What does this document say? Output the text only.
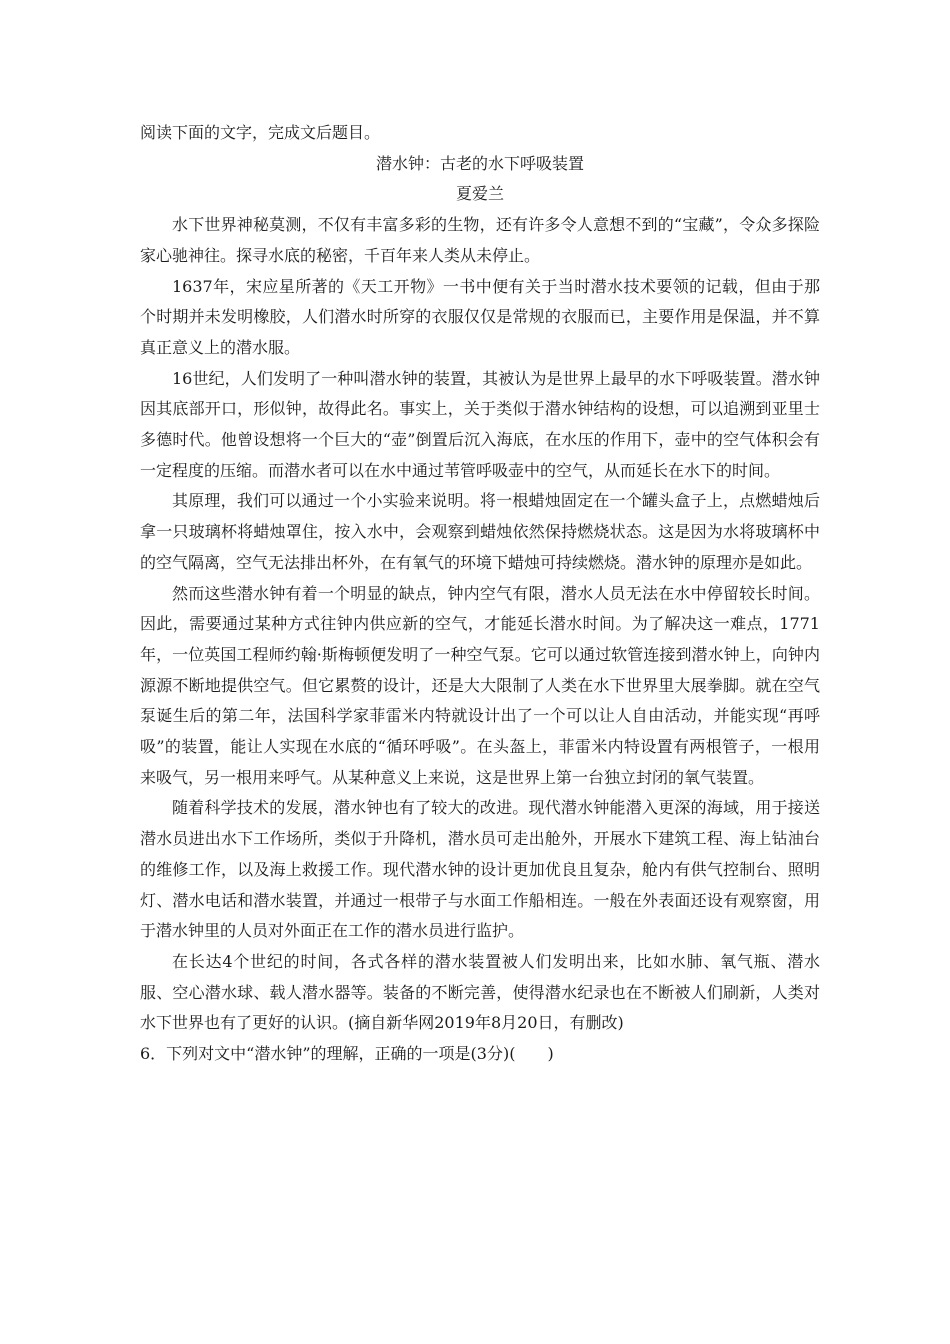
阅读下面的文字，完成文后题目。

潜水钟：古老的水下呼吸装置

夏爱兰

水下世界神秘莫测，不仅有丰富多彩的生物，还有许多令人意想不到的“宝藏”，令众多探险家心驰神往。探寻水底的秘密，千百年来人类从未停止。

1637年，宋应星所著的《天工开物》一书中便有关于当时潜水技术要领的记载，但由于那个时期并未发明橡胶，人们潜水时所穿的衣服仅仅是常规的衣服而已，主要作用是保温，并不算真正意义上的潜水服。

16世纪，人们发明了一种叫潜水钟的装置，其被认为是世界上最早的水下呼吸装置。潜水钟因其底部开口，形似钟，故得此名。事实上，关于类似于潜水钟结构的设想，可以追溯到亚里士多德时代。他曾设想将一个巨大的“壶”倒置后沉入海底，在水压的作用下，壶中的空气体积会有一定程度的压缩。而潜水者可以在水中通过苇管呼吸壶中的空气，从而延长在水下的时间。

其原理，我们可以通过一个小实验来说明。将一根蜡烛固定在一个罐头盒子上，点燃蜡烛后拿一只玻璃杯将蜡烛罩住，按入水中，会观察到蜡烛依然保持燃烧状态。这是因为水将玻璃杯中的空气隔离，空气无法排出杯外，在有氧气的环境下蜡烛可持续燃烧。潜水钟的原理亦是如此。

然而这些潜水钟有着一个明显的缺点，钟内空气有限，潜水人员无法在水中停留较长时间。因此，需要通过某种方式往钟内供应新的空气，才能延长潜水时间。为了解决这一难点，1771年，一位英国工程师约翰·斯梅顿便发明了一种空气泵。它可以通过软管连接到潜水钟上，向钟内源源不断地提供空气。但它累赘的设计，还是大大限制了人类在水下世界里大展拳脚。就在空气泵诞生后的第二年，法国科学家菲雷米内特就设计出了一个可以让人自由活动，并能实现“再呼吸”的装置，能让人实现在水底的“循环呼吸”。在头盔上，菲雷米内特设置有两根管子，一根用来吸气，另一根用来呼气。从某种意义上来说，这是世界上第一台独立封闭的氧气装置。

随着科学技术的发展，潜水钟也有了较大的改进。现代潜水钟能潜入更深的海域，用于接送潜水员进出水下工作场所，类似于升降机，潜水员可走出舱外，开展水下建筑工程、海上钻油台的维修工作，以及海上救援工作。现代潜水钟的设计更加优良且复杂，舱内有供气控制台、照明灯、潜水电话和潜水装置，并通过一根带子与水面工作船相连。一般在外表面还设有观察窗，用于潜水钟里的人员对外面正在工作的潜水员进行监护。

在长达4个世纪的时间，各式各样的潜水装置被人们发明出来，比如水肺、氧气瓶、潜水服、空心潜水球、载人潜水器等。装备的不断完善，使得潜水纪录也在不断被人们刷新，人类对水下世界也有了更好的认识。(摘自新华网2019年8月20日，有删改)

6．下列对文中“潜水钟”的理解，正确的一项是(3分)(　　)
